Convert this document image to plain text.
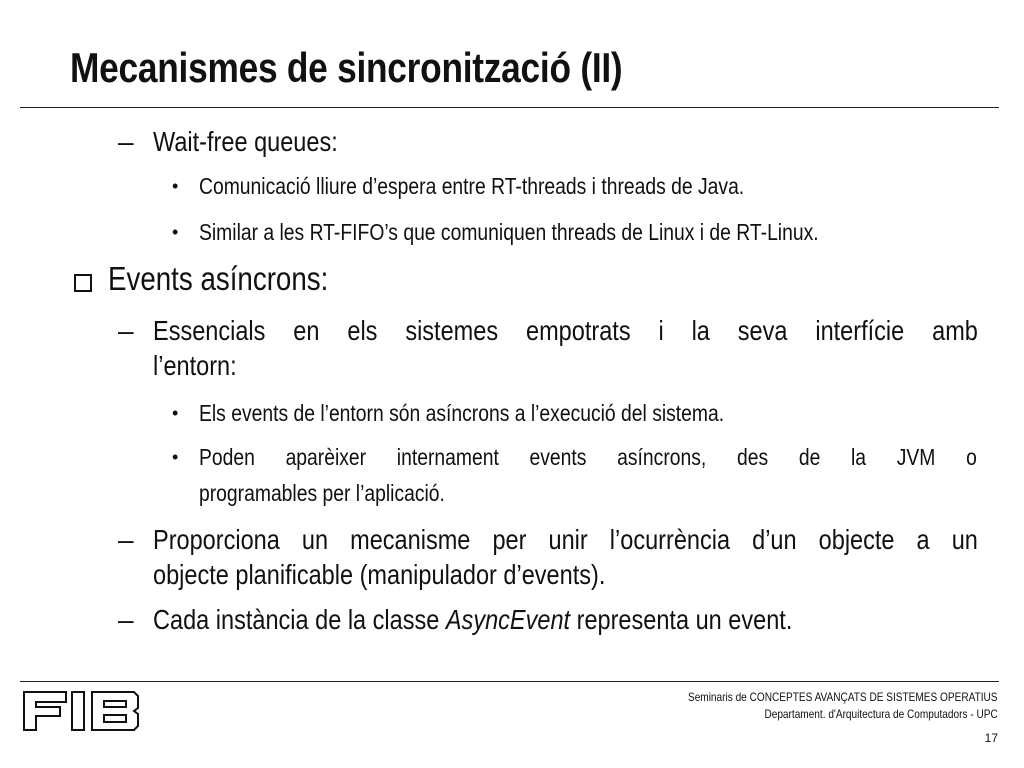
Mecanismes de sincronització (II)
– Wait-free queues:
• Comunicació lliure d’espera entre RT-threads i threads de Java.
• Similar a les RT-FIFO’s que comuniquen threads de Linux i de RT-Linux.
Events asíncrons:
– Essencials en els sistemes empotrats i la seva interfície amb
l’entorn:
• Els events de l’entorn són asíncrons a l’execució del sistema.
• Poden aparèixer internament events asíncrons, des de la JVM o
programables per l’aplicació.
– Proporciona un mecanisme per unir l’ocurrència d’un objecte a un
objecte planificable (manipulador d’events).
– Cada instància de la classe AsyncEvent representa un event.
Seminaris de CONCEPTES AVANÇATS DE SISTEMES OPERATIUS
Departament. d'Arquitectura de Computadors - UPC
17
